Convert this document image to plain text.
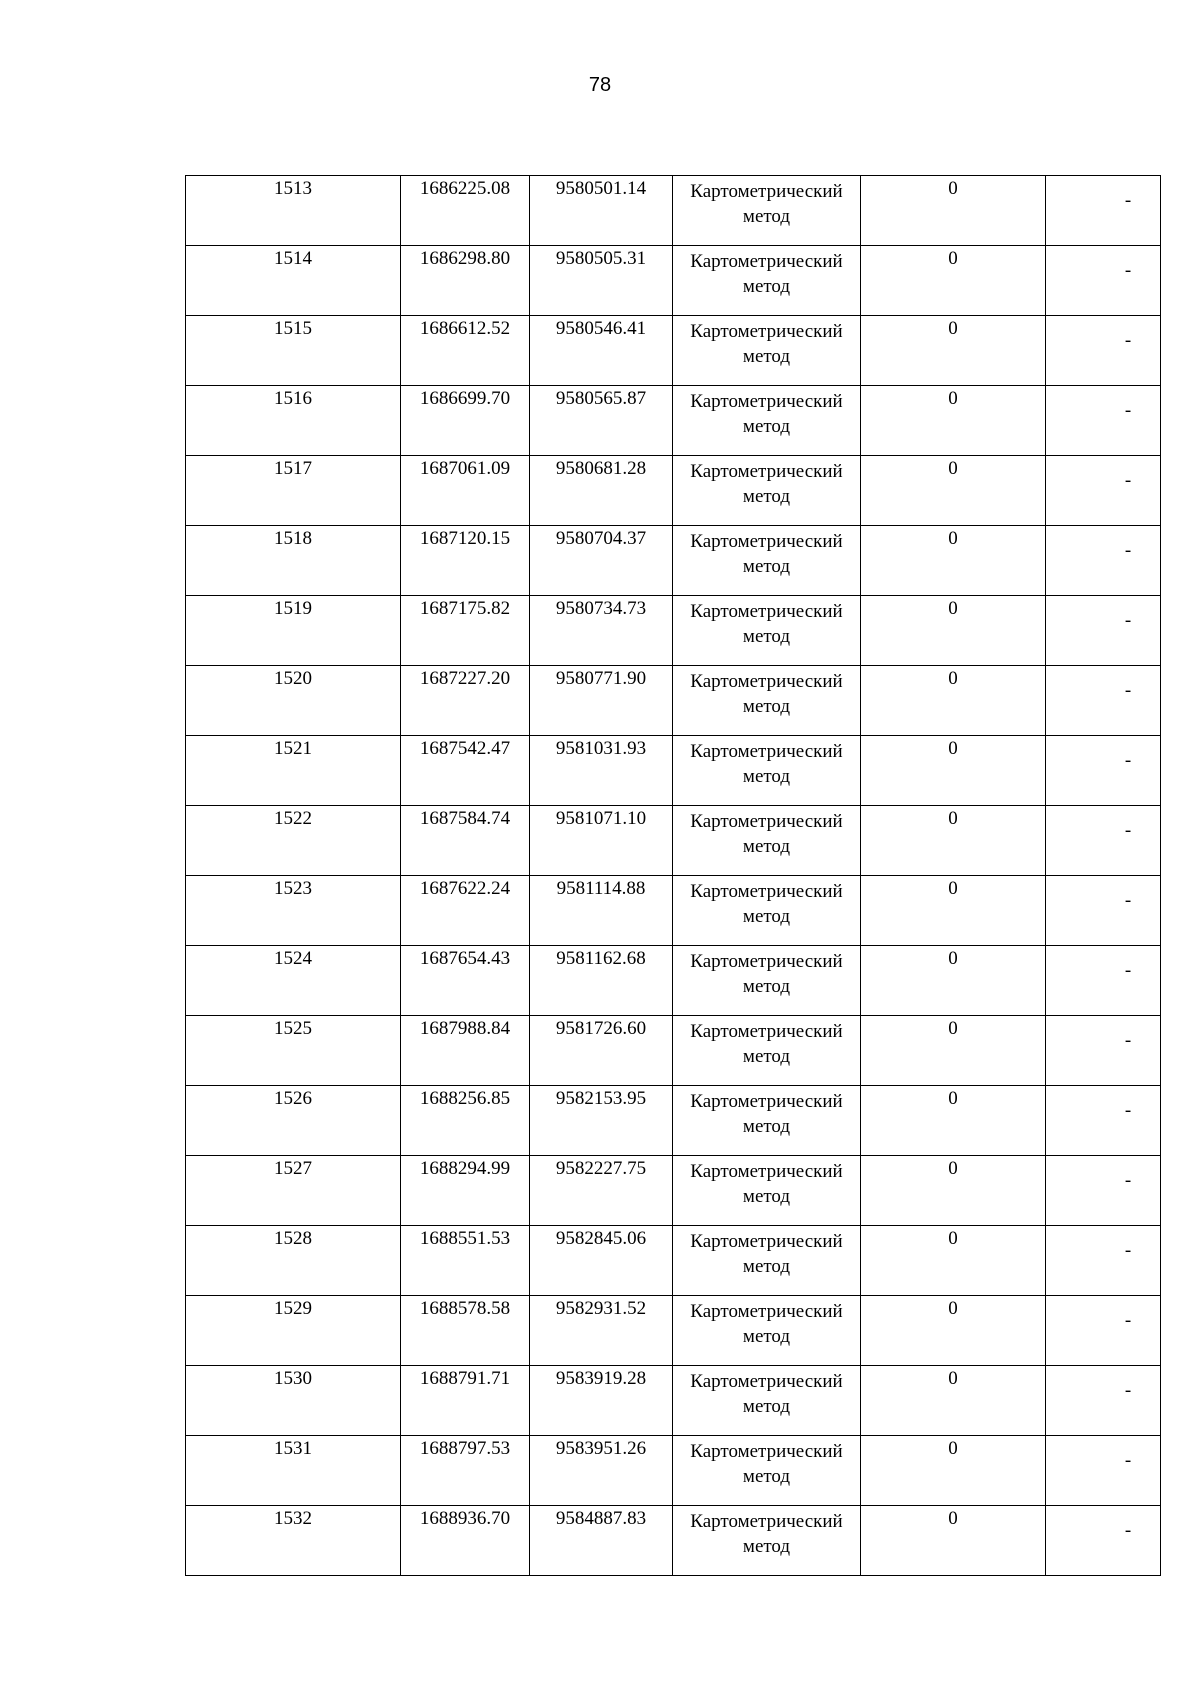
78
1513	1686225.08	9580501.14	Картометрический
метод	0	-

1514	1686298.80	9580505.31	Картометрический
метод	0	-

1515	1686612.52	9580546.41	Картометрический
метод	0	-

1516	1686699.70	9580565.87	Картометрический
метод	0	-

1517	1687061.09	9580681.28	Картометрический
метод	0	-

1518	1687120.15	9580704.37	Картометрический
метод	0	-

1519	1687175.82	9580734.73	Картометрический
метод	0	-

1520	1687227.20	9580771.90	Картометрический
метод	0	-

1521	1687542.47	9581031.93	Картометрический
метод	0	-

1522	1687584.74	9581071.10	Картометрический
метод	0	-

1523	1687622.24	9581114.88	Картометрический
метод	0	-

1524	1687654.43	9581162.68	Картометрический
метод	0	-

1525	1687988.84	9581726.60	Картометрический
метод	0	-

1526	1688256.85	9582153.95	Картометрический
метод	0	-

1527	1688294.99	9582227.75	Картометрический
метод	0	-

1528	1688551.53	9582845.06	Картометрический
метод	0	-

1529	1688578.58	9582931.52	Картометрический
метод	0	-

1530	1688791.71	9583919.28	Картометрический
метод	0	-

1531	1688797.53	9583951.26	Картометрический
метод	0	-

1532	1688936.70	9584887.83	Картометрический
метод	0	-
